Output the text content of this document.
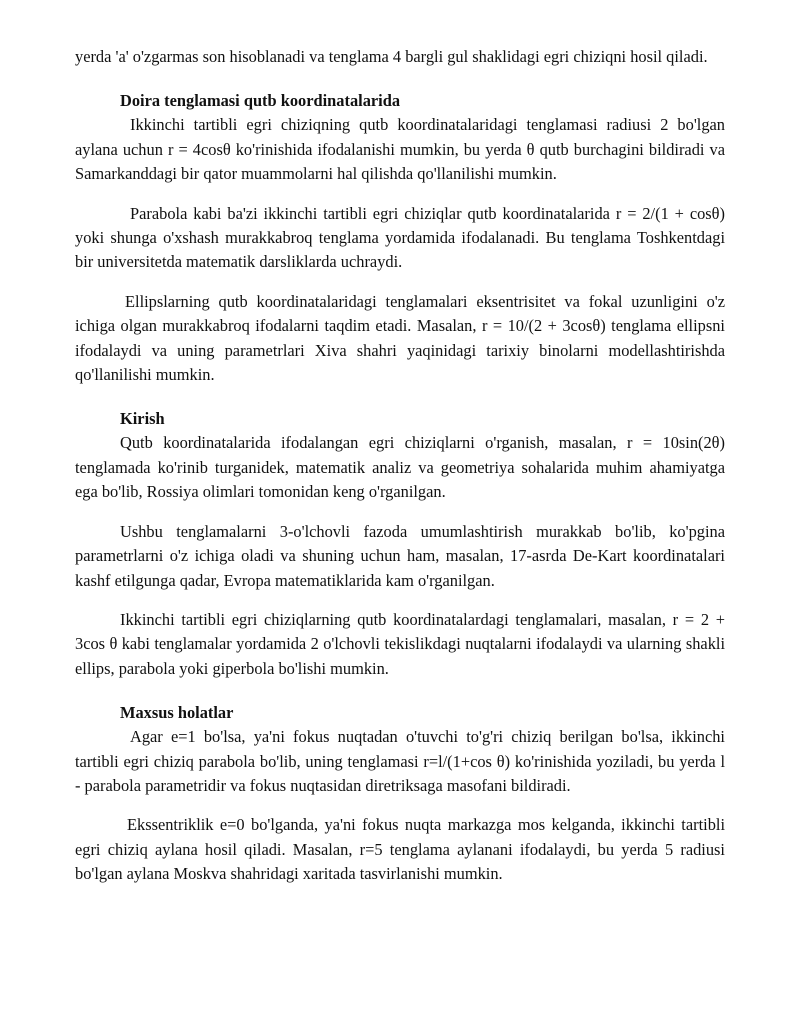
yerda 'a' o'zgarmas son hisoblanadi va tenglama 4 bargli gul shaklidagi egri chiziqni hosil qiladi.

Doira tenglamasi qutb koordinatalarida

Ikkinchi tartibli egri chiziqning qutb koordinatalaridagi tenglamasi radiusi 2 bo'lgan aylana uchun r = 4cosθ ko'rinishida ifodalanishi mumkin, bu yerda θ qutb burchagini bildiradi va Samarkanddagi bir qator muammolarni hal qilishda qo'llanilishi mumkin.

Parabola kabi ba'zi ikkinchi tartibli egri chiziqlar qutb koordinatalarida r = 2/(1 + cosθ) yoki shunga o'xshash murakkabroq tenglama yordamida ifodalanadi. Bu tenglama Toshkentdagi bir universitetda matematik darsliklarda uchraydi.

Ellipslarning qutb koordinatalaridagi tenglamalari eksentrisitet va fokal uzunligini o'z ichiga olgan murakkabroq ifodalarni taqdim etadi. Masalan, r = 10/(2 + 3cosθ) tenglama ellipsni ifodalaydi va uning parametrlari Xiva shahri yaqinidagi tarixiy binolarni modellashtirishda qo'llanilishi mumkin.

Kirish

Qutb koordinatalarida ifodalangan egri chiziqlarni o'rganish, masalan, r = 10sin(2θ) tenglamada ko'rinib turganidek, matematik analiz va geometriya sohalarida muhim ahamiyatga ega bo'lib, Rossiya olimlari tomonidan keng o'rganilgan.

Ushbu tenglamalarni 3-o'lchovli fazoda umumlashtirish murakkab bo'lib, ko'pgina parametrlarni o'z ichiga oladi va shuning uchun ham, masalan, 17-asrda De-Kart koordinatalari kashf etilgunga qadar, Evropa matematiklarida kam o'rganilgan.

Ikkinchi tartibli egri chiziqlarning qutb koordinatalardagi tenglamalari, masalan, r = 2 + 3cos θ kabi tenglamalar yordamida 2 o'lchovli tekislikdagi nuqtalarni ifodalaydi va ularning shakli ellips, parabola yoki giperbola bo'lishi mumkin.

Maxsus holatlar

Agar e=1 bo'lsa, ya'ni fokus nuqtadan o'tuvchi to'g'ri chiziq berilgan bo'lsa, ikkinchi tartibli egri chiziq parabola bo'lib, uning tenglamasi r=l/(1+cos θ) ko'rinishida yoziladi, bu yerda l - parabola parametridir va fokus nuqtasidan diretriksaga masofani bildiradi.

Ekssentriklik e=0 bo'lganda, ya'ni fokus nuqta markazga mos kelganda, ikkinchi tartibli egri chiziq aylana hosil qiladi. Masalan, r=5 tenglama aylanani ifodalaydi, bu yerda 5 radiusi bo'lgan aylana Moskva shahridagi xaritada tasvirlanishi mumkin.
